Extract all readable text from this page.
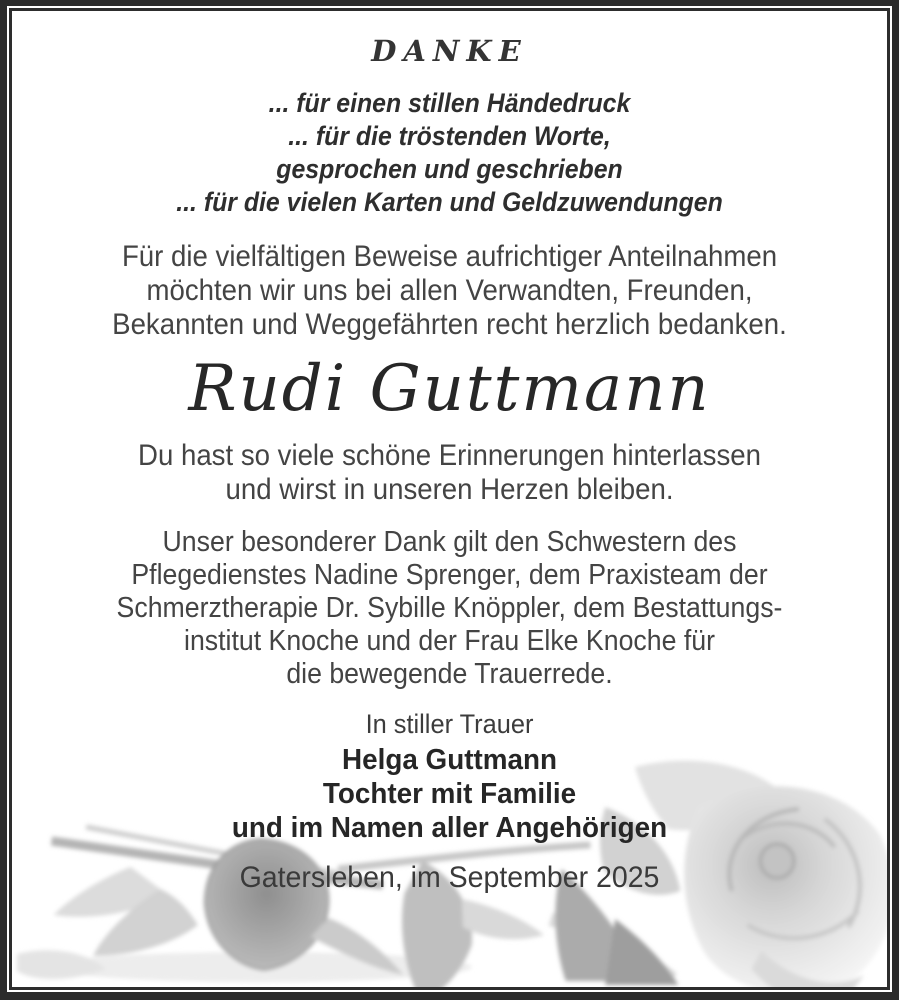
DANKE
... für einen stillen Händedruck
... für die tröstenden Worte,
gesprochen und geschrieben
... für die vielen Karten und Geldzuwendungen
Für die vielfältigen Beweise aufrichtiger Anteilnahmen
möchten wir uns bei allen Verwandten, Freunden,
Bekannten und Weggefährten recht herzlich bedanken.
Rudi Guttmann
Du hast so viele schöne Erinnerungen hinterlassen
und wirst in unseren Herzen bleiben.
Unser besonderer Dank gilt den Schwestern des
Pflegedienstes Nadine Sprenger, dem Praxisteam der
Schmerztherapie Dr. Sybille Knöppler, dem Bestattungs-
institut Knoche und der Frau Elke Knoche für
die bewegende Trauerrede.
In stiller Trauer
Helga Guttmann
Tochter mit Familie
und im Namen aller Angehörigen
Gatersleben, im September 2025
